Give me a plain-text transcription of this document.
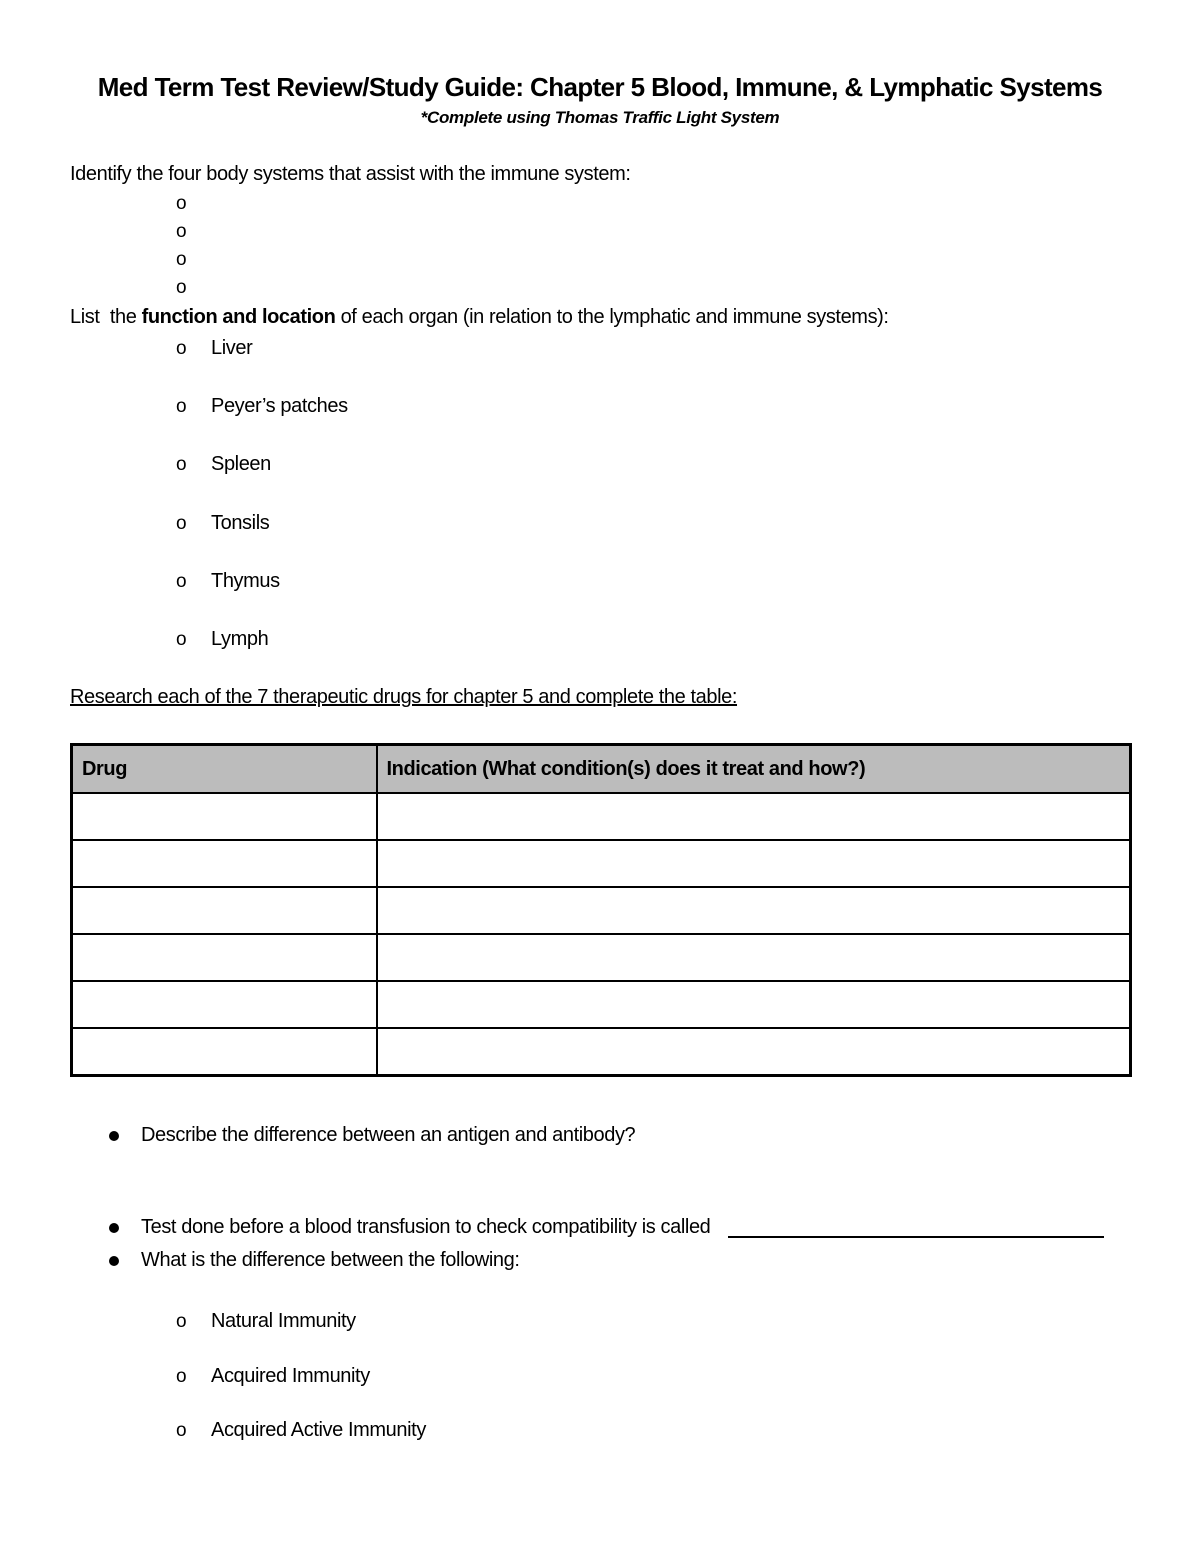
Med Term Test Review/Study Guide: Chapter 5 Blood, Immune, & Lymphatic Systems
*Complete using Thomas Traffic Light System
Identify the four body systems that assist with the immune system:
o
o
o
o
List  the function and location of each organ (in relation to the lymphatic and immune systems):
o Liver
o Peyer’s patches
o Spleen
o Tonsils
o Thymus
o Lymph
Research each of the 7 therapeutic drugs for chapter 5 and complete the table:
Drug	Indication (What condition(s) does it treat and how?)

Describe the difference between an antigen and antibody?
Test done before a blood transfusion to check compatibility is called
What is the difference between the following:
o Natural Immunity
o Acquired Immunity
o Acquired Active Immunity
